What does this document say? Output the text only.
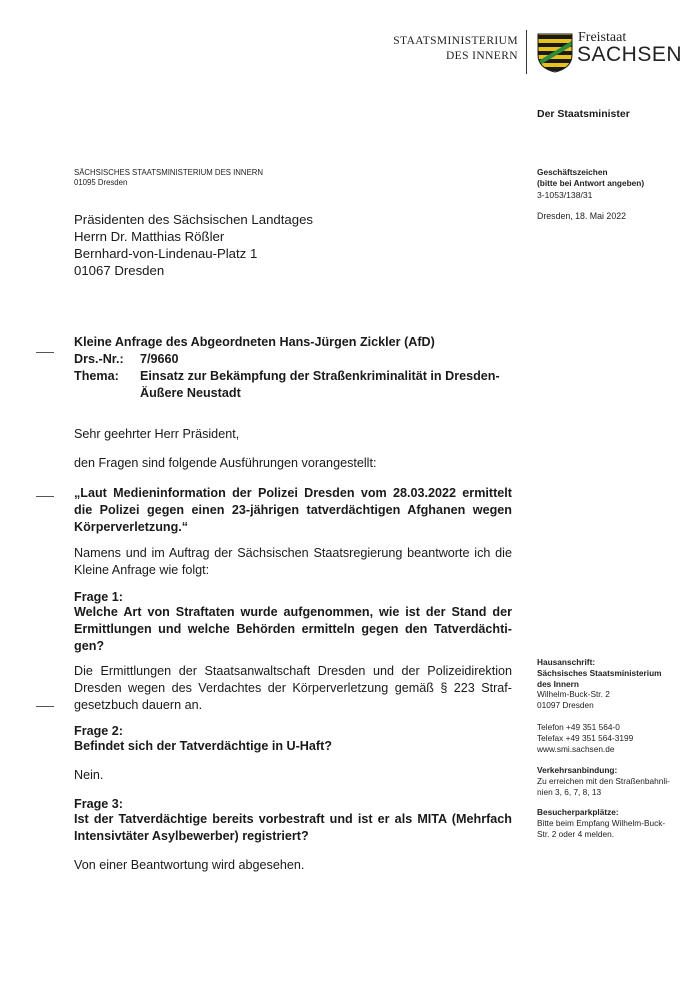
STAATSMINISTERIUM
DES INNERN
Freistaat
SACHSEN
Der Staatsminister
SÄCHSISCHES STAATSMINISTERIUM DES INNERN
01095 Dresden
Geschäftszeichen
(bitte bei Antwort angeben)
3-1053/138/31
Dresden, 18. Mai 2022
Präsidenten des Sächsischen Landtages
Herrn Dr. Matthias Rößler
Bernhard-von-Lindenau-Platz 1
01067 Dresden
Kleine Anfrage des Abgeordneten Hans-Jürgen Zickler (AfD)
Drs.-Nr.: 7/9660
Thema: Einsatz zur Bekämpfung der Straßenkriminalität in Dresden-
Äußere Neustadt
Sehr geehrter Herr Präsident,
den Fragen sind folgende Ausführungen vorangestellt:
„Laut Medieninformation der Polizei Dresden vom 28.03.2022 ermittelt die Polizei gegen einen 23-jährigen tatverdächtigen Afghanen wegen Körperverletzung.“
Namens und im Auftrag der Sächsischen Staatsregierung beantworte ich die Kleine Anfrage wie folgt:
Frage 1:
Welche Art von Straftaten wurde aufgenommen, wie ist der Stand der Ermittlungen und welche Behörden ermitteln gegen den Tatverdächti-gen?
Die Ermittlungen der Staatsanwaltschaft Dresden und der Polizeidirektion Dresden wegen des Verdachtes der Körperverletzung gemäß § 223 Straf-gesetzbuch dauern an.
Frage 2:
Befindet sich der Tatverdächtige in U-Haft?
Nein.
Frage 3:
Ist der Tatverdächtige bereits vorbestraft und ist er als MITA (Mehrfach Intensivtäter Asylbewerber) registriert?
Von einer Beantwortung wird abgesehen.
Hausanschrift:
Sächsisches Staatsministerium
des Innern
Wilhelm-Buck-Str. 2
01097 Dresden
Telefon +49 351 564-0
Telefax +49 351 564-3199
www.smi.sachsen.de
Verkehrsanbindung:
Zu erreichen mit den Straßenbahnli-
nien 3, 6, 7, 8, 13
Besucherparkplätze:
Bitte beim Empfang Wilhelm-Buck-
Str. 2 oder 4 melden.
